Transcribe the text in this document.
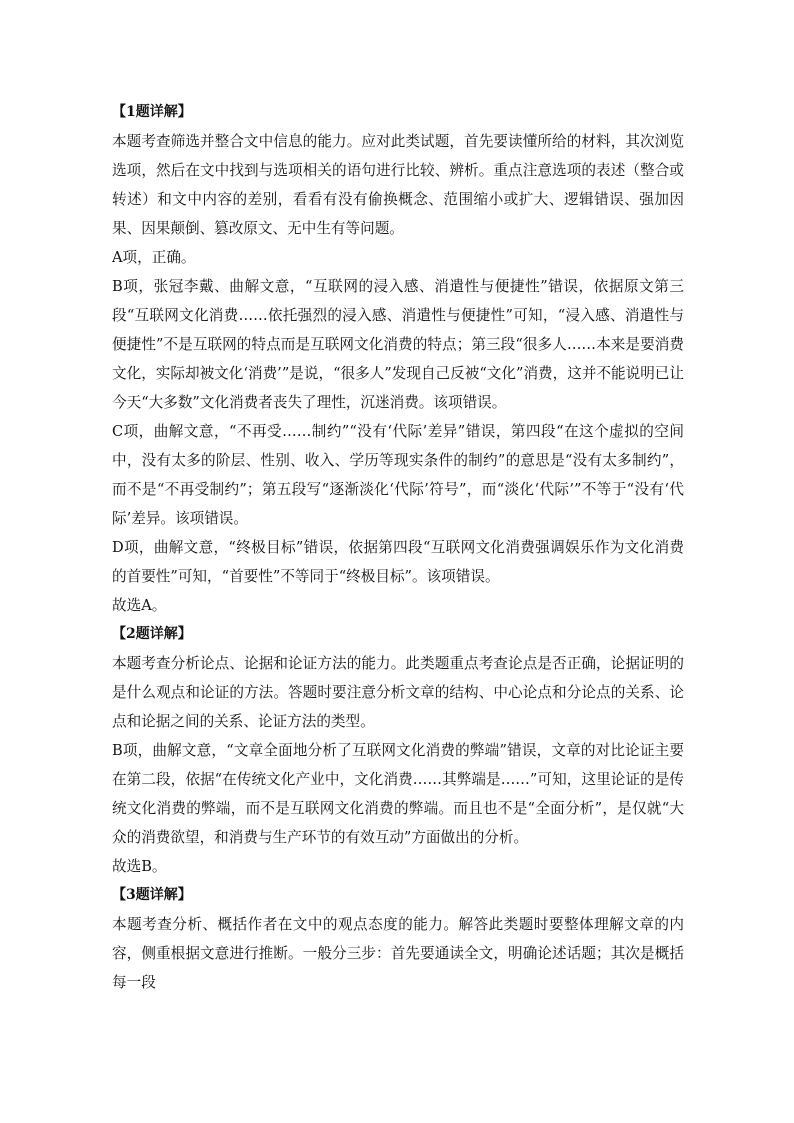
【1题详解】

本题考查筛选并整合文中信息的能力。应对此类试题，首先要读懂所给的材料，其次浏览选项，然后在文中找到与选项相关的语句进行比较、辨析。重点注意选项的表述（整合或转述）和文中内容的差别，看看有没有偷换概念、范围缩小或扩大、逻辑错误、强加因果、因果颠倒、篡改原文、无中生有等问题。

A项，正确。

B项，张冠李戴、曲解文意，“互联网的浸入感、消遣性与便捷性”错误，依据原文第三段“互联网文化消费……依托强烈的浸入感、消遣性与便捷性”可知，“浸入感、消遣性与便捷性”不是互联网的特点而是互联网文化消费的特点；第三段“很多人……本来是要消费文化，实际却被文化‘消费’”是说，“很多人”发现自己反被“文化”消费，这并不能说明已让今天“大多数”文化消费者丧失了理性，沉迷消费。该项错误。

C项，曲解文意，“不再受……制约”“没有‘代际’差异”错误，第四段“在这个虚拟的空间中，没有太多的阶层、性别、收入、学历等现实条件的制约”的意思是“没有太多制约”，而不是“不再受制约”；第五段写“逐渐淡化‘代际’符号”，而“淡化‘代际’”不等于“没有‘代际’差异。该项错误。

D项，曲解文意，“终极目标”错误，依据第四段“互联网文化消费强调娱乐作为文化消费的首要性”可知，“首要性”不等同于“终极目标”。该项错误。

故选A。

【2题详解】

本题考查分析论点、论据和论证方法的能力。此类题重点考查论点是否正确，论据证明的是什么观点和论证的方法。答题时要注意分析文章的结构、中心论点和分论点的关系、论点和论据之间的关系、论证方法的类型。

B项，曲解文意，“文章全面地分析了互联网文化消费的弊端”错误，文章的对比论证主要在第二段，依据“在传统文化产业中，文化消费……其弊端是……”可知，这里论证的是传统文化消费的弊端，而不是互联网文化消费的弊端。而且也不是“全面分析”，是仅就“大众的消费欲望，和消费与生产环节的有效互动”方面做出的分析。

故选B。

【3题详解】

本题考查分析、概括作者在文中的观点态度的能力。解答此类题时要整体理解文章的内容，侧重根据文意进行推断。一般分三步：首先要通读全文，明确论述话题；其次是概括每一段
